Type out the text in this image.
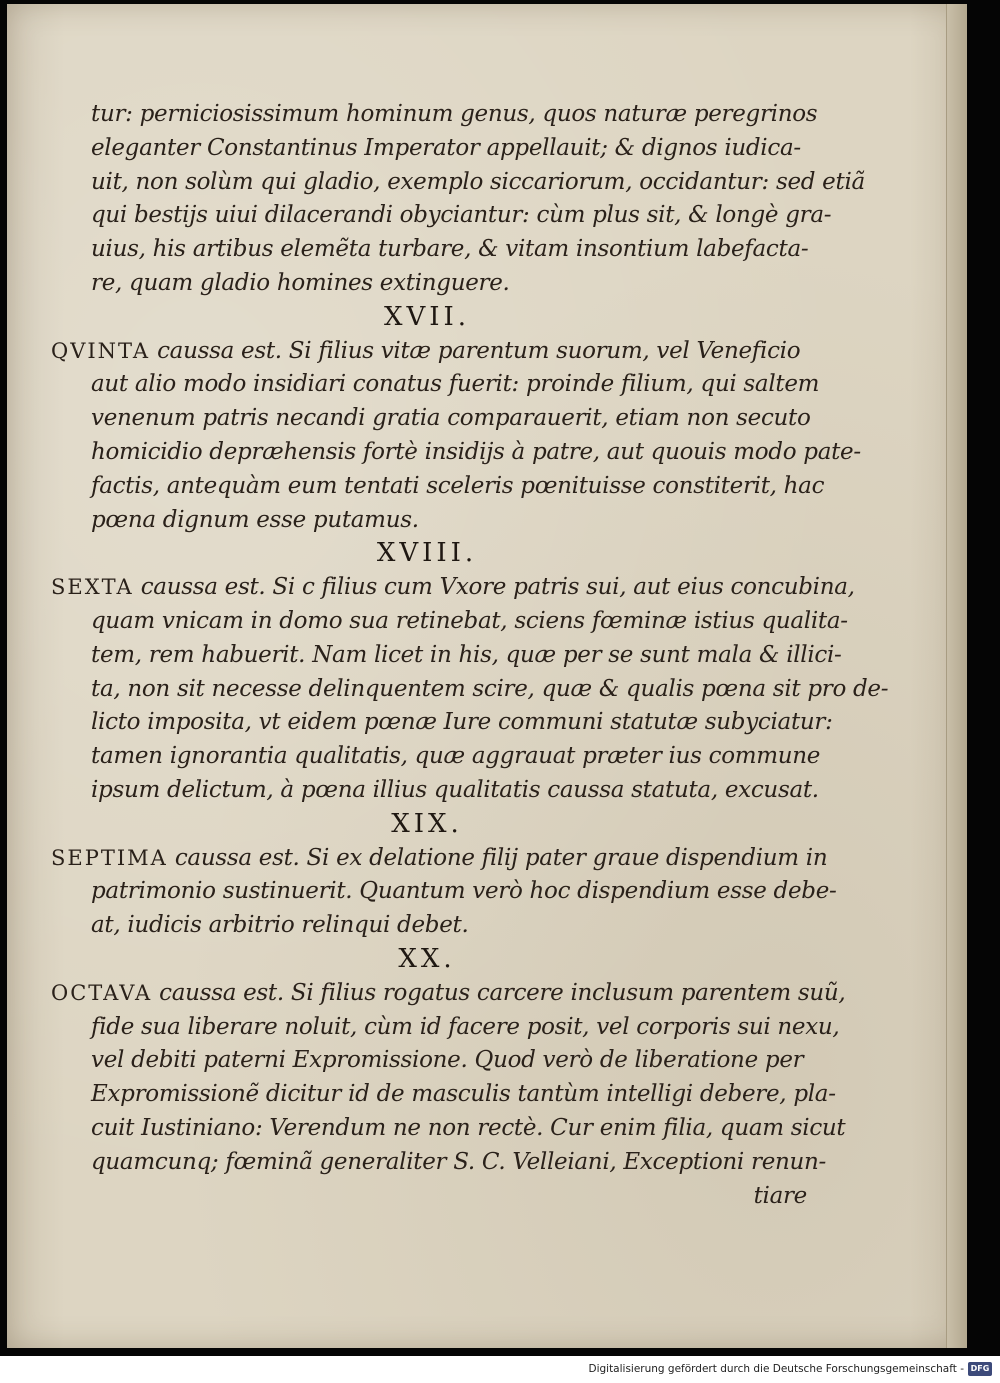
tur: perniciosissimum hominum genus, quos naturæ peregrinos
eleganter Constantinus Imperator appellauit; & dignos iudica-
uit, non solùm qui gladio, exemplo siccariorum, occidantur: sed etiã
qui bestijs uiui dilacerandi obyciantur: cùm plus sit, & longè gra-
uius, his artibus elemẽta turbare, & vitam insontium labefacta-
re, quam gladio homines extinguere.
XVII.
QVINTA caussa est. Si filius vitæ parentum suorum, vel Veneficio
aut alio modo insidiari conatus fuerit: proinde filium, qui saltem
venenum patris necandi gratia comparauerit, etiam non secuto
homicidio depræhensis fortè insidijs à patre, aut quouis modo pate-
factis, antequàm eum tentati sceleris pœnituisse constiterit, hac
pœna dignum esse putamus.
XVIII.
SEXTA caussa est. Si c filius cum Vxore patris sui, aut eius concubina,
quam vnicam in domo sua retinebat, sciens fœminæ istius qualita-
tem, rem habuerit. Nam licet in his, quæ per se sunt mala & illici-
ta, non sit necesse delinquentem scire, quæ & qualis pœna sit pro de-
licto imposita, vt eidem pœnæ Iure communi statutæ subyciatur:
tamen ignorantia qualitatis, quæ aggrauat præter ius commune
ipsum delictum, à pœna illius qualitatis caussa statuta, excusat.
XIX.
SEPTIMA caussa est. Si ex delatione filij pater graue dispendium in
patrimonio sustinuerit. Quantum verò hoc dispendium esse debe-
at, iudicis arbitrio relinqui debet.
XX.
OCTAVA caussa est. Si filius rogatus carcere inclusum parentem suũ,
fide sua liberare noluit, cùm id facere posit, vel corporis sui nexu,
vel debiti paterni Expromissione. Quod verò de liberatione per
Expromissionẽ dicitur id de masculis tantùm intelligi debere, pla-
cuit Iustiniano: Verendum ne non rectè. Cur enim filia, quam sicut
quamcunq; fœminã generaliter S. C. Velleiani, Exceptioni renun-
tiare
Digitalisierung gefördert durch die Deutsche Forschungsgemeinschaft - DFG
